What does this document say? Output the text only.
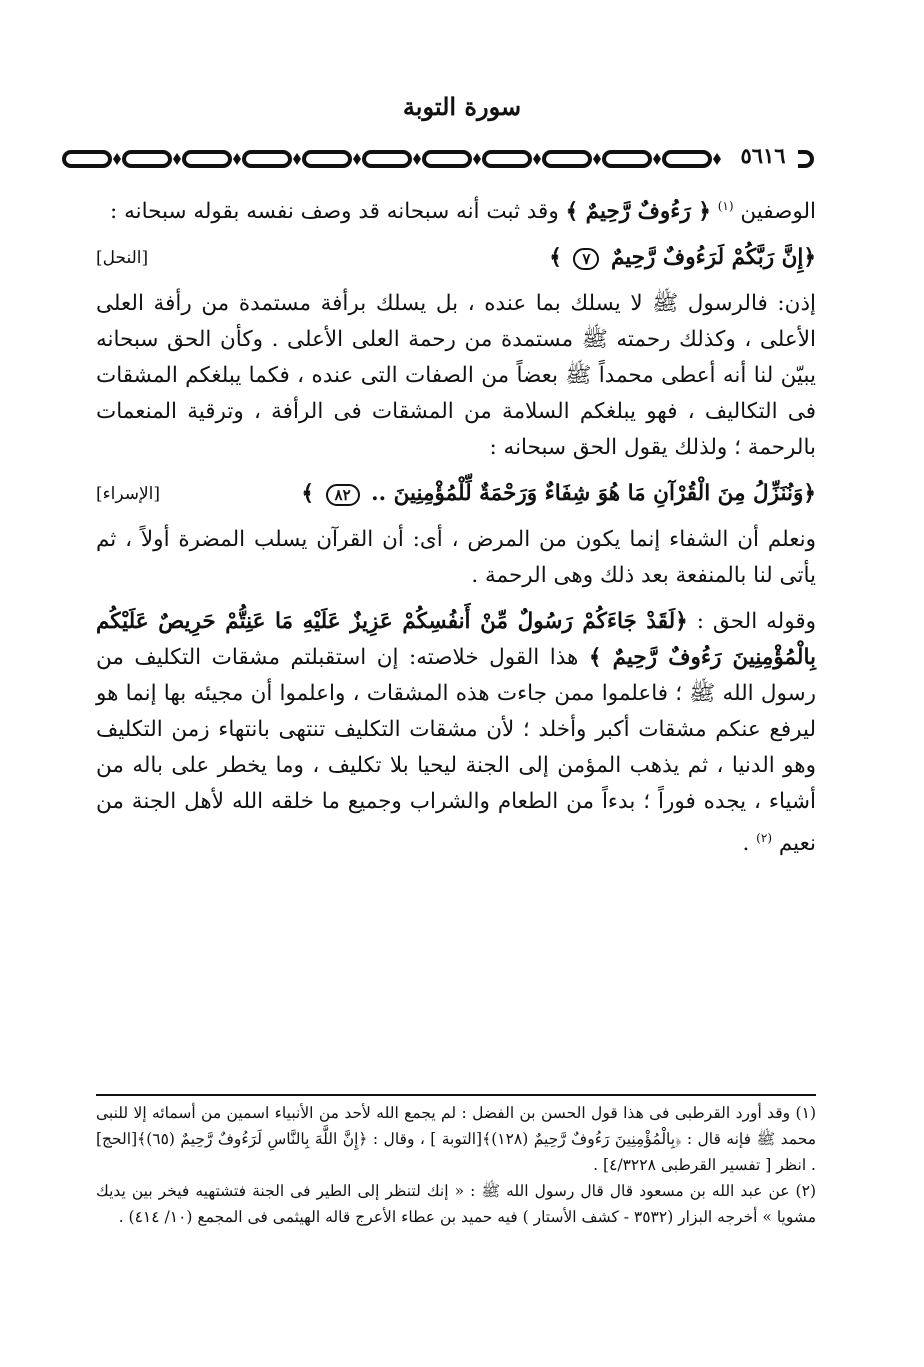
سورة التوبة
٥٦١٦

الوصفين $^{(١)}$ ﴿ رَءُوفٌ رَّحِيمٌ ﴾ وقد ثبت أنه سبحانه قد وصف نفسه بقوله سبحانه :

﴿إِنَّ رَبَّكُمْ لَرَءُوفٌ رَّحِيمٌ ٧ ﴾
[النحل]

إذن: فالرسول ﷺ لا يسلك بما عنده ، بل يسلك برأفة مستمدة من رأفة العلى الأعلى ، وكذلك رحمته ﷺ مستمدة من رحمة العلى الأعلى . وكأن الحق سبحانه يبيّن لنا أنه أعطى محمداً ﷺ بعضاً من الصفات التى عنده ، فكما يبلغكم المشقات فى التكاليف ، فهو يبلغكم السلامة من المشقات فى الرأفة ، وترقية المنعمات بالرحمة ؛ ولذلك يقول الحق سبحانه :

﴿وَنُنَزِّلُ مِنَ الْقُرْآنِ مَا هُوَ شِفَاءٌ وَرَحْمَةٌ لِّلْمُؤْمِنِينَ .. ٨٢ ﴾
[الإسراء]

ونعلم أن الشفاء إنما يكون من المرض ، أى: أن القرآن يسلب المضرة أولاً ، ثم يأتى لنا بالمنفعة بعد ذلك وهى الرحمة .

وقوله الحق : ﴿لَقَدْ جَاءَكُمْ رَسُولٌ مِّنْ أَنفُسِكُمْ عَزِيزٌ عَلَيْهِ مَا عَنِتُّمْ حَرِيصٌ عَلَيْكُم بِالْمُؤْمِنِينَ رَءُوفٌ رَّحِيمٌ ﴾ هذا القول خلاصته: إن استقبلتم مشقات التكليف من رسول الله ﷺ ؛ فاعلموا ممن جاءت هذه المشقات ، واعلموا أن مجيئه بها إنما هو ليرفع عنكم مشقات أكبر وأخلد ؛ لأن مشقات التكليف تنتهى بانتهاء زمن التكليف وهو الدنيا ، ثم يذهب المؤمن إلى الجنة ليحيا بلا تكليف ، وما يخطر على باله من أشياء ، يجده فوراً ؛ بدءاً من الطعام والشراب وجميع ما خلقه الله لأهل الجنة من نعيم $^{(٢)}$ .

(١) وقد أورد القرطبى فى هذا قول الحسن بن الفضل : لم يجمع الله لأحد من الأنبياء اسمين من أسمائه إلا للنبى محمد ﷺ فإنه قال : ﴿بِالْمُؤْمِنِينَ رَءُوفٌ رَّحِيمٌ (١٢٨)﴾[التوبة ] ، وقال : ﴿إِنَّ اللَّهَ بِالنَّاسِ لَرَءُوفٌ رَّحِيمٌ (٦٥)﴾[الحج] . انظر [ تفسير القرطبى ٤/٣٢٢٨] .

(٢) عن عبد الله بن مسعود قال قال رسول الله ﷺ : « إنك لتنظر إلى الطير فى الجنة فتشتهيه فيخر بين يديك مشويا » أخرجه البزار (٣٥٣٢ - كشف الأستار ) فيه حميد بن عطاء الأعرج قاله الهيثمى فى المجمع (١٠/ ٤١٤) .
